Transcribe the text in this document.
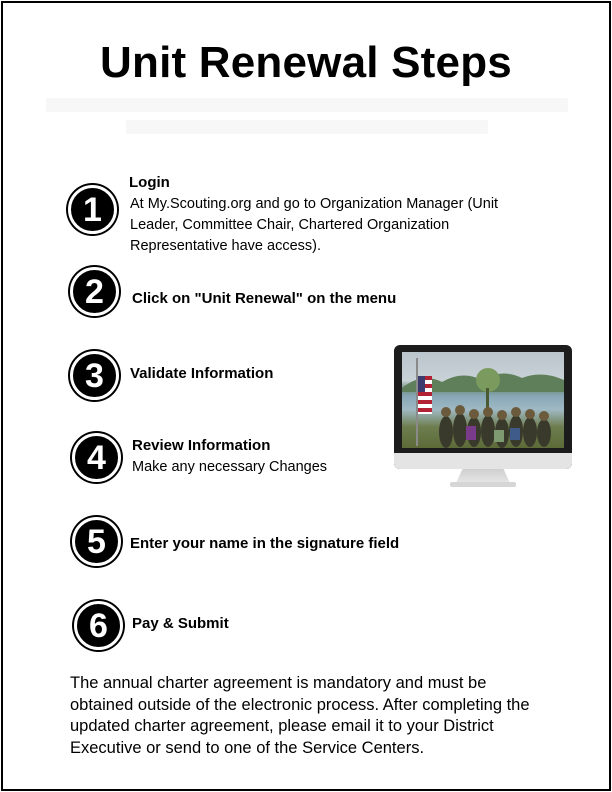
Unit Renewal Steps
1
Login
At My.Scouting.org and go to Organization Manager (Unit Leader, Committee Chair, Chartered Organization Representative have access).
2	Click on "Unit Renewal" on the menu
3	Validate Information
4	Review Information
Make any necessary Changes
5	Enter your name in the signature field
6	Pay & Submit
The annual charter agreement is mandatory and must be obtained outside of the electronic process. After completing the updated charter agreement, please email it to your District Executive or send to one of the Service Centers.
